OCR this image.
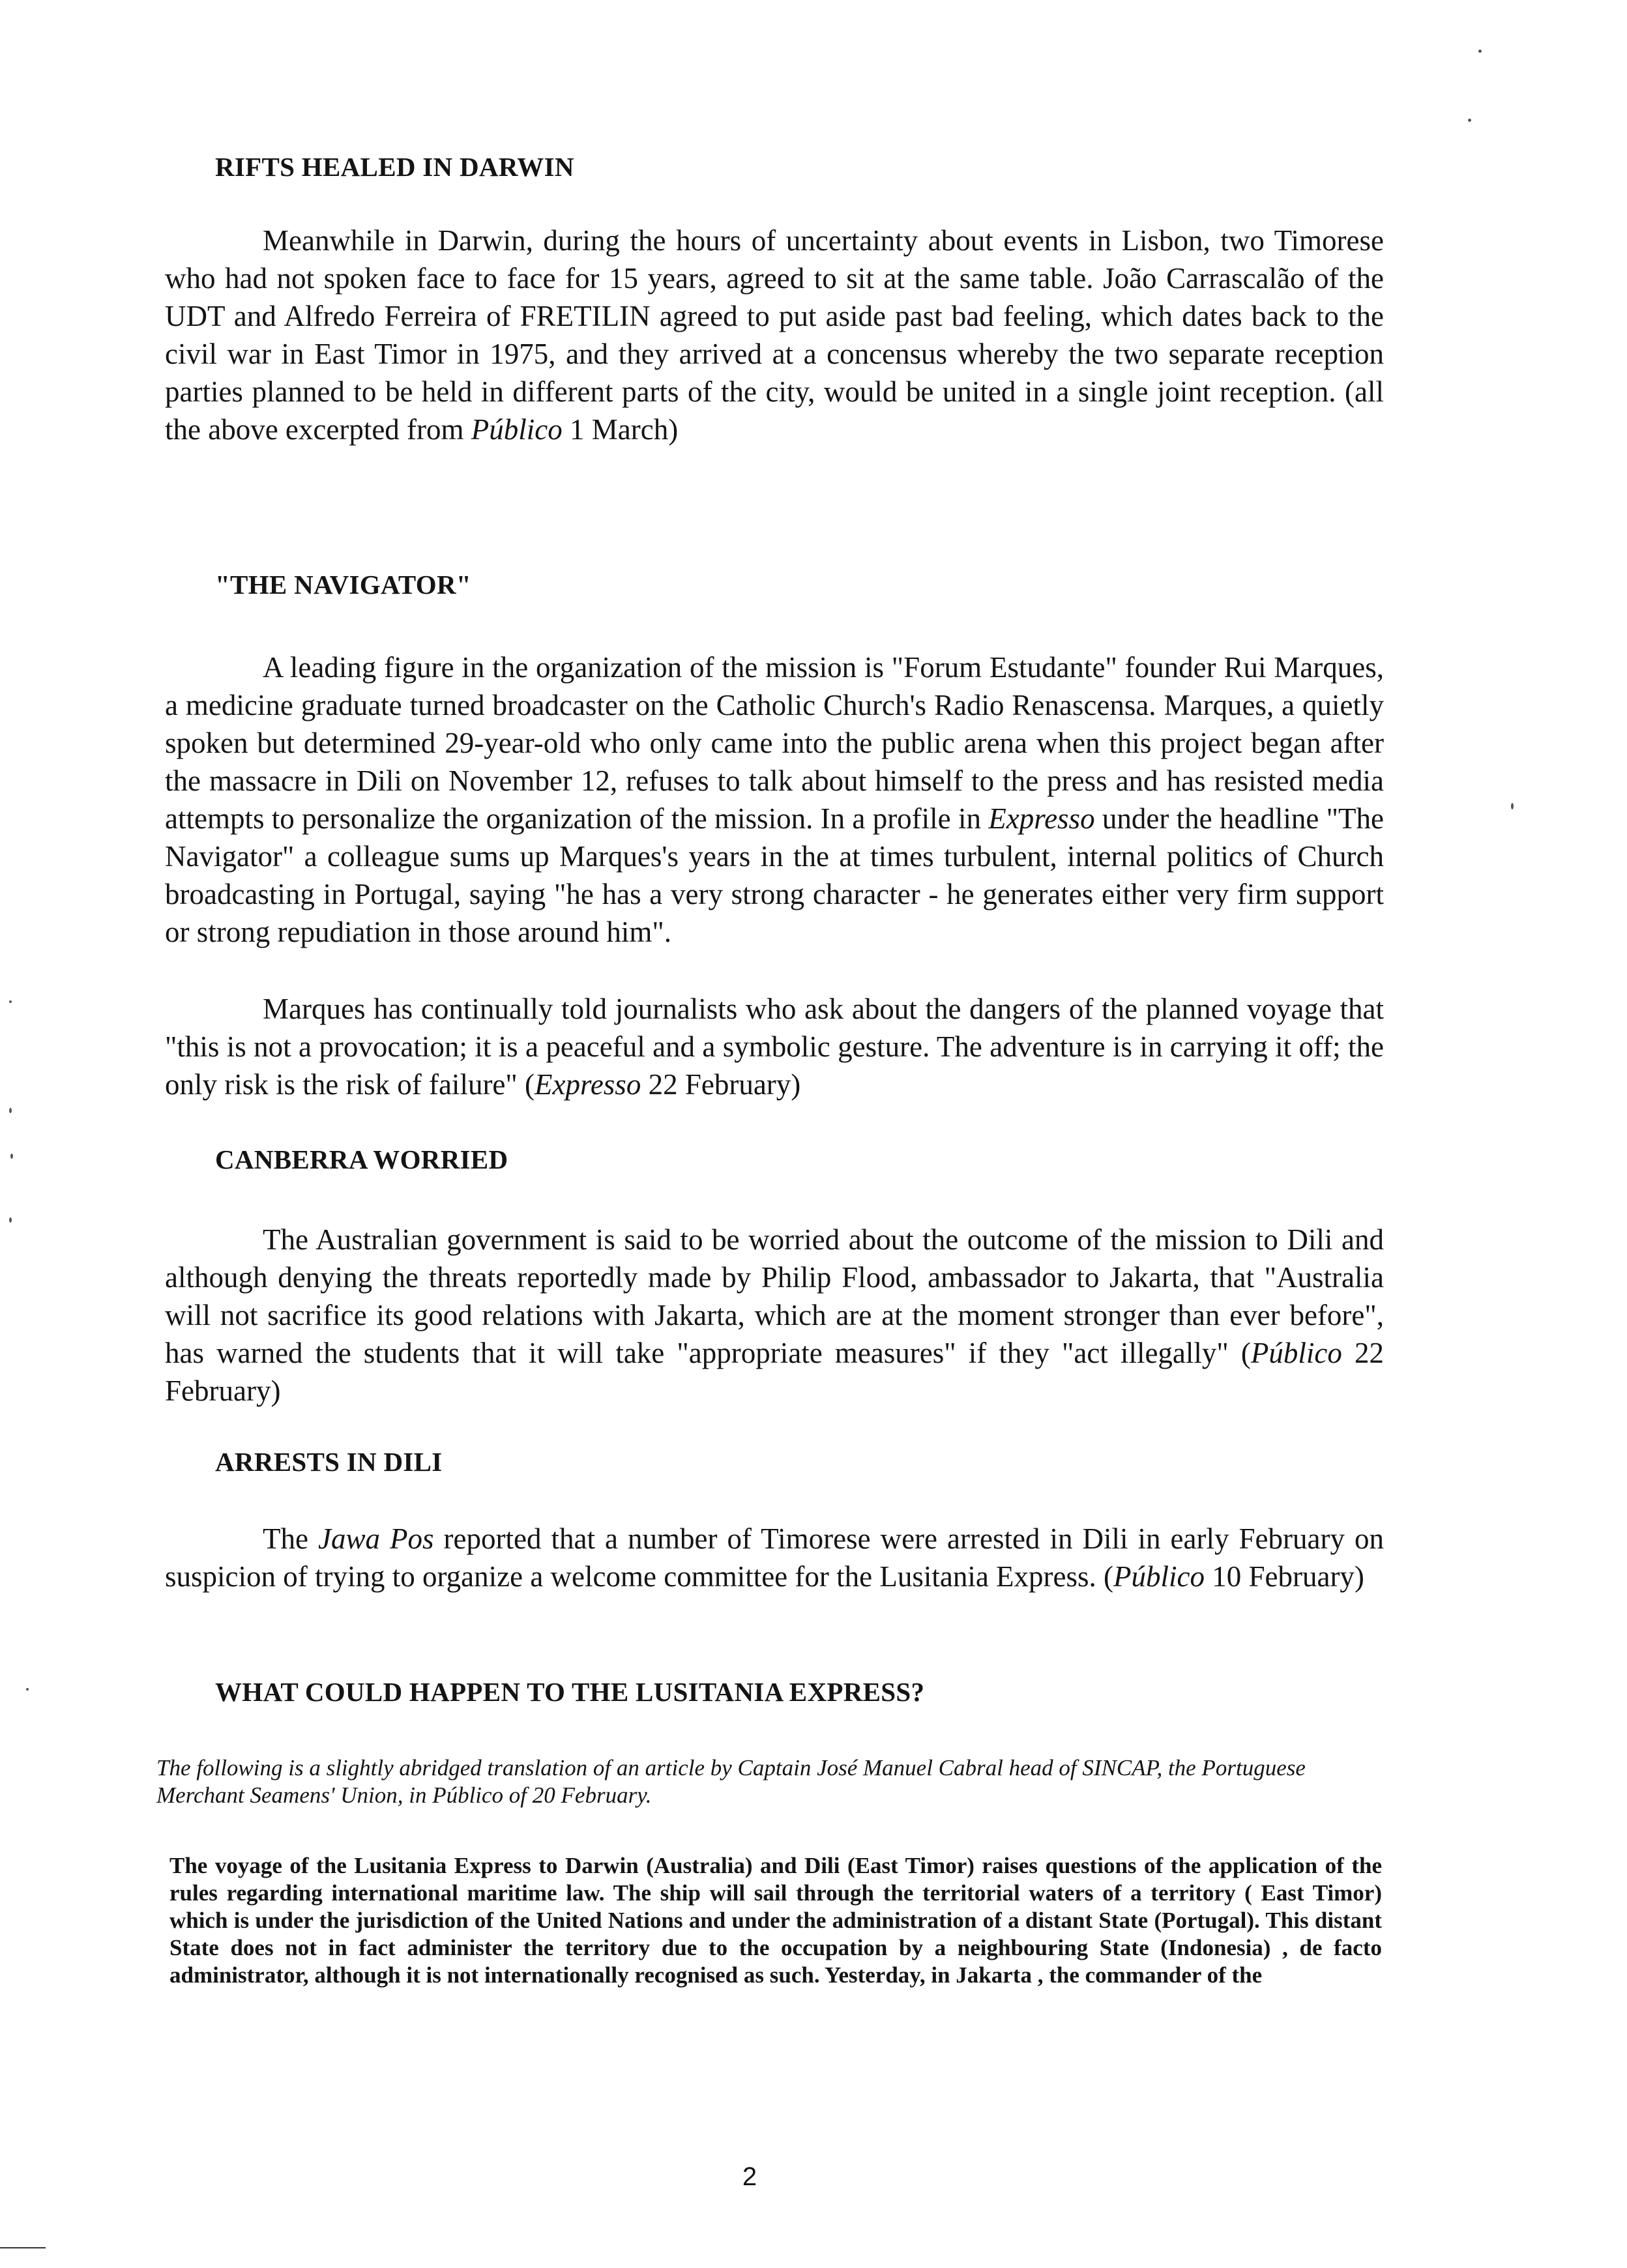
RIFTS HEALED IN DARWIN

Meanwhile in Darwin, during the hours of uncertainty about events in Lisbon, two Timorese who had not spoken face to face for 15 years, agreed to sit at the same table. João Carrascalão of the UDT and Alfredo Ferreira of FRETILIN agreed to put aside past bad feeling, which dates back to the civil war in East Timor in 1975, and they arrived at a concensus whereby the two separate reception parties planned to be held in different parts of the city, would be united in a single joint reception. (all the above excerpted from Público 1 March)

"THE NAVIGATOR"

A leading figure in the organization of the mission is "Forum Estudante" founder Rui Marques, a medicine graduate turned broadcaster on the Catholic Church's Radio Renascensa. Marques, a quietly spoken but determined 29-year-old who only came into the public arena when this project began after the massacre in Dili on November 12, refuses to talk about himself to the press and has resisted media attempts to personalize the organization of the mission. In a profile in Expresso under the headline "The Navigator" a colleague sums up Marques's years in the at times turbulent, internal politics of Church broadcasting in Portugal, saying "he has a very strong character - he generates either very firm support or strong repudiation in those around him".

Marques has continually told journalists who ask about the dangers of the planned voyage that "this is not a provocation; it is a peaceful and a symbolic gesture. The adventure is in carrying it off; the only risk is the risk of failure" (Expresso 22 February)

CANBERRA WORRIED

The Australian government is said to be worried about the outcome of the mission to Dili and although denying the threats reportedly made by Philip Flood, ambassador to Jakarta, that "Australia will not sacrifice its good relations with Jakarta, which are at the moment stronger than ever before", has warned the students that it will take "appropriate measures" if they "act illegally" (Público 22 February)

ARRESTS IN DILI

The Jawa Pos reported that a number of Timorese were arrested in Dili in early February on suspicion of trying to organize a welcome committee for the Lusitania Express. (Público 10 February)

WHAT COULD HAPPEN TO THE LUSITANIA EXPRESS?

The following is a slightly abridged translation of an article by Captain José Manuel Cabral head of SINCAP, the Portuguese Merchant Seamens' Union, in Público of 20 February.

The voyage of the Lusitania Express to Darwin (Australia) and Dili (East Timor) raises questions of the application of the rules regarding international maritime law. The ship will sail through the territorial waters of a territory ( East Timor) which is under the jurisdiction of the United Nations and under the administration of a distant State (Portugal). This distant State does not in fact administer the territory due to the occupation by a neighbouring State (Indonesia) , de facto administrator, although it is not internationally recognised as such. Yesterday, in Jakarta , the commander of the

2
